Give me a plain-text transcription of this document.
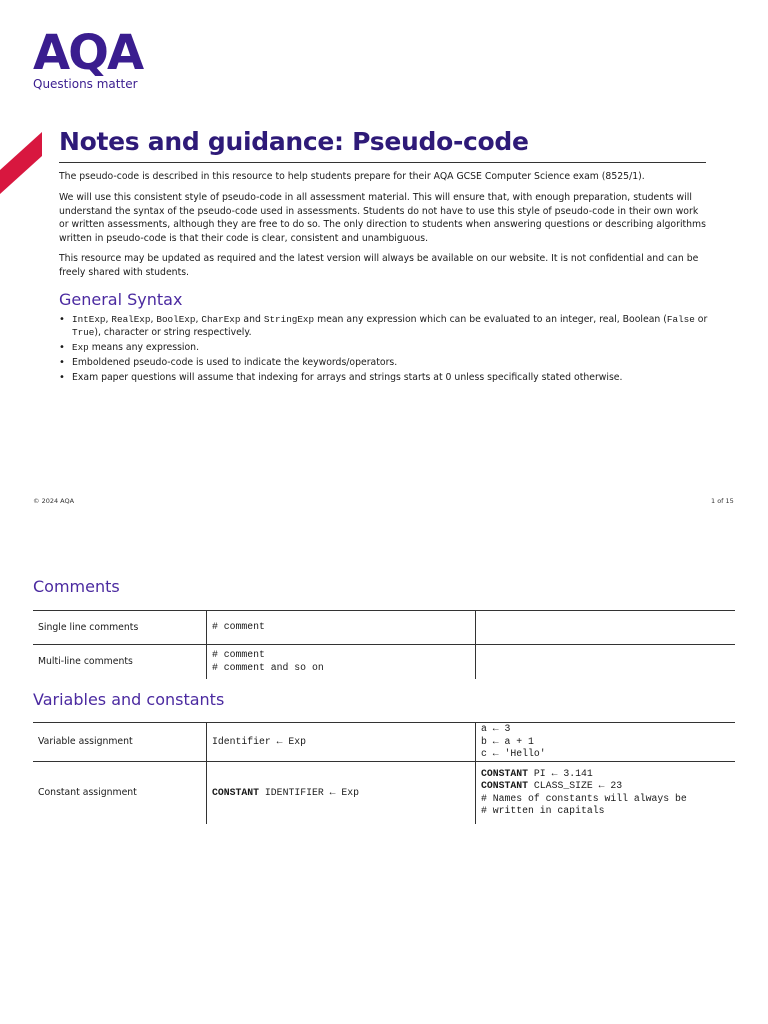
AQA
Questions matter
Notes and guidance: Pseudo-code

The pseudo-code is described in this resource to help students prepare for their AQA GCSE Computer Science exam (8525/1).

We will use this consistent style of pseudo-code in all assessment material. This will ensure that, with enough preparation, students will understand the syntax of the pseudo-code used in assessments. Students do not have to use this style of pseudo-code in their own work or written assessments, although they are free to do so. The only direction to students when answering questions or describing algorithms written in pseudo-code is that their code is clear, consistent and unambiguous.

This resource may be updated as required and the latest version will always be available on our website. It is not confidential and can be freely shared with students.

General Syntax
• IntExp, RealExp, BoolExp, CharExp and StringExp mean any expression which can be evaluated to an integer, real, Boolean (False or True), character or string respectively.
• Exp means any expression.
• Emboldened pseudo-code is used to indicate the keywords/operators.
• Exam paper questions will assume that indexing for arrays and strings starts at 0 unless specifically stated otherwise.
© 2024 AQA	1 of 15
Comments
Single line comments	# comment	

Multi-line comments	# comment
# comment and so on	

Variables and constants
Variable assignment	Identifier ← Exp	a ← 3
b ← a + 1
c ← 'Hello'

Constant assignment	CONSTANT IDENTIFIER ← Exp	CONSTANT PI ← 3.141
CONSTANT CLASS_SIZE ← 23
# Names of constants will always be
# written in capitals
